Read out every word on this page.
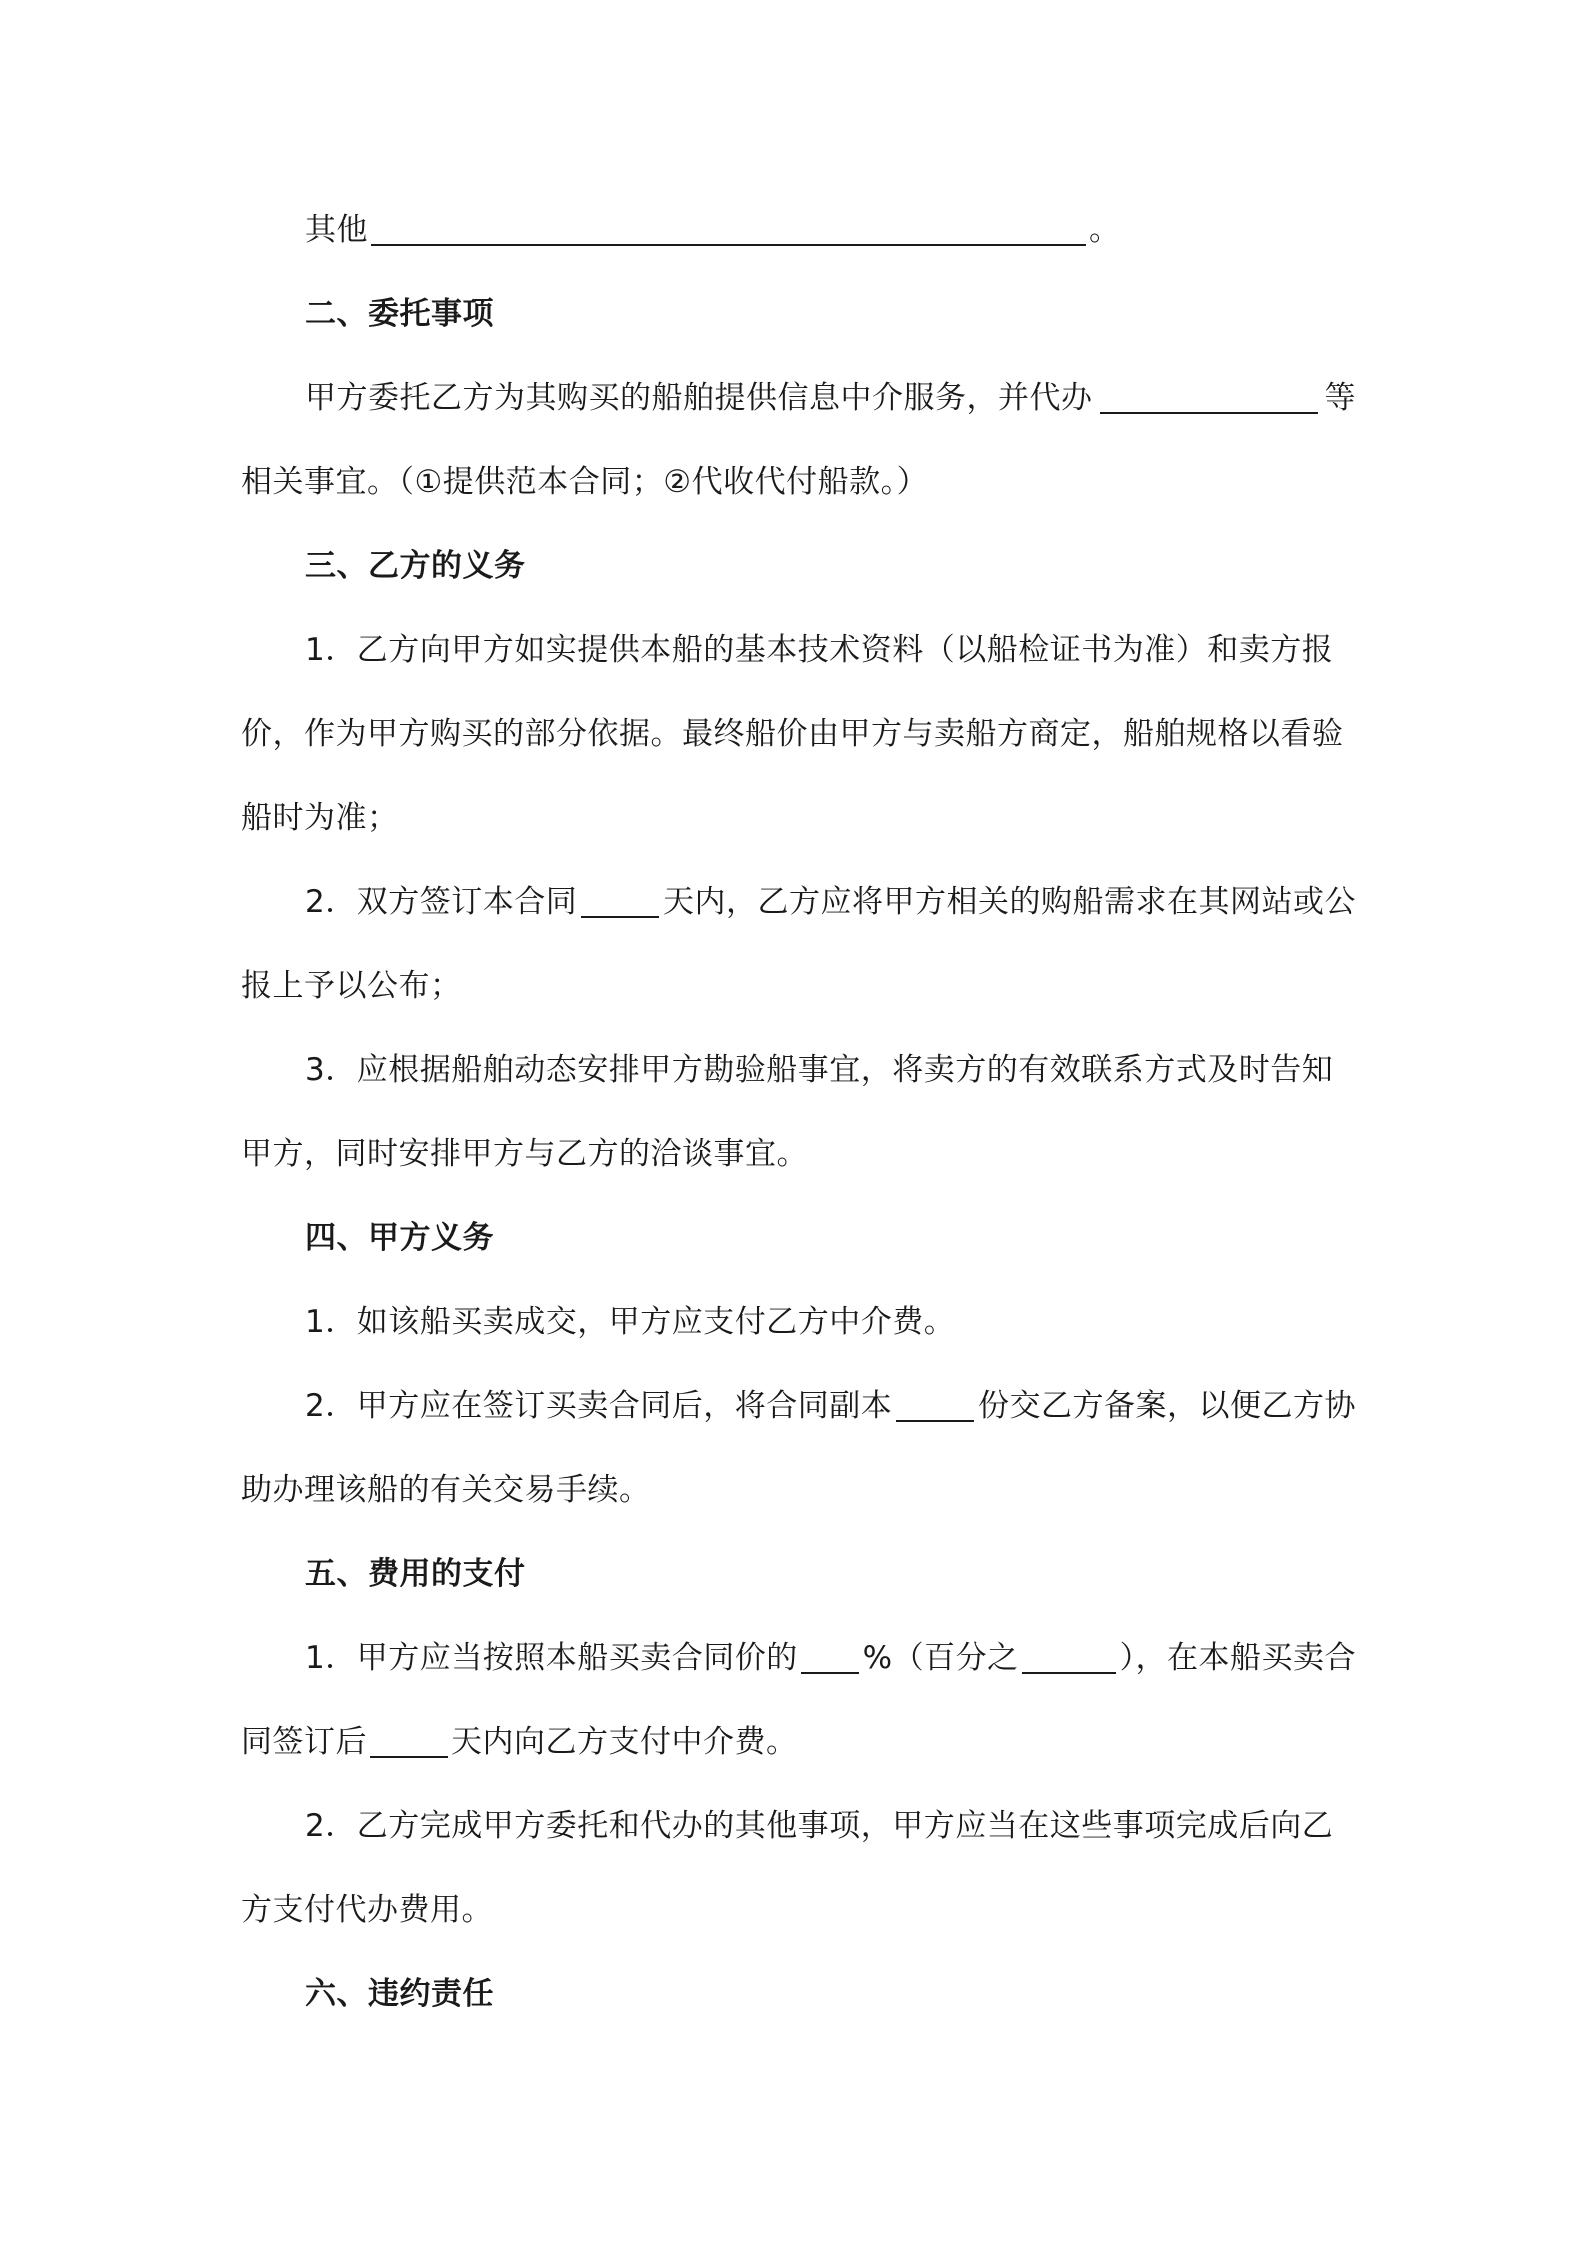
其他	。
二、委托事项
甲方委托乙方为其购买的船舶提供信息中介服务，并代办	等
相关事宜。（①提供范本合同；②代收代付船款。）
三、乙方的义务
1．乙方向甲方如实提供本船的基本技术资料（以船检证书为准）和卖方报
价，作为甲方购买的部分依据。最终船价由甲方与卖船方商定，船舶规格以看验
船时为准；
2．双方签订本合同	天内，乙方应将甲方相关的购船需求在其网站或公
报上予以公布；
3．应根据船舶动态安排甲方勘验船事宜，将卖方的有效联系方式及时告知
甲方，同时安排甲方与乙方的洽谈事宜。
四、甲方义务
1．如该船买卖成交，甲方应支付乙方中介费。
2．甲方应在签订买卖合同后，将合同副本	份交乙方备案，以便乙方协
助办理该船的有关交易手续。
五、费用的支付
1．甲方应当按照本船买卖合同价的 %（百分之	），在本船买卖合
同签订后	天内向乙方支付中介费。
2．乙方完成甲方委托和代办的其他事项，甲方应当在这些事项完成后向乙
方支付代办费用。
六、违约责任
